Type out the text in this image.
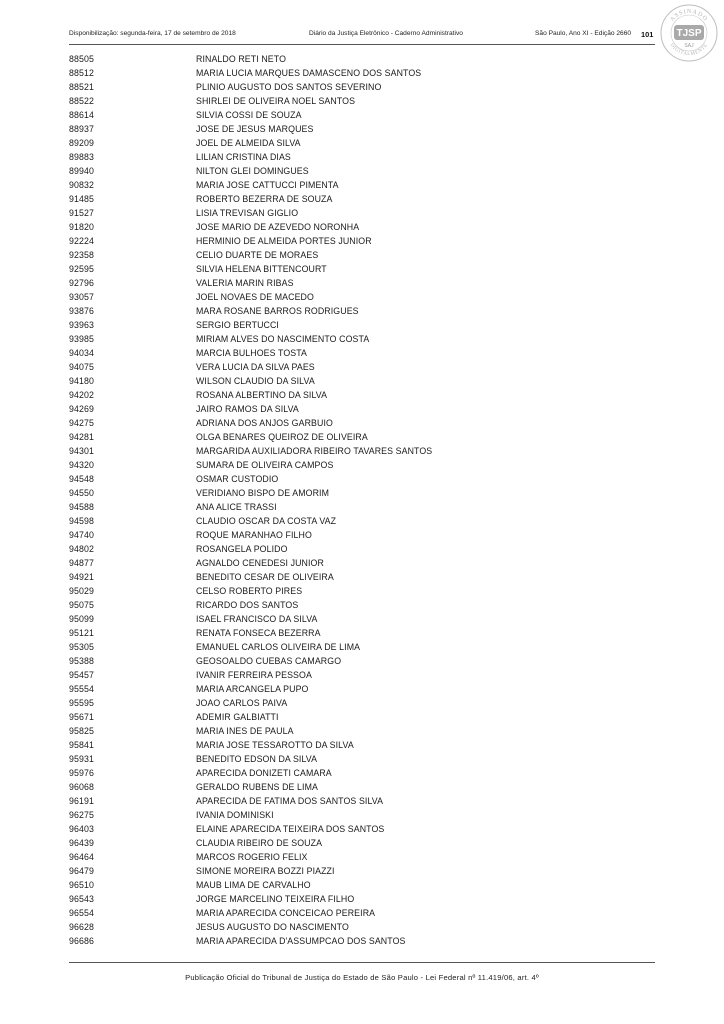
Disponibilização: segunda-feira, 17 de setembro de 2018	Diário da Justiça Eletrônico - Caderno Administrativo	São Paulo, Ano XI - Edição 2660 101
ASSINADO
DIGITALMENTE
TJSP
SAJ
88505	RINALDO RETI NETO
88512	MARIA LUCIA MARQUES DAMASCENO DOS SANTOS
88521	PLINIO AUGUSTO DOS SANTOS SEVERINO
88522	SHIRLEI DE OLIVEIRA NOEL SANTOS
88614	SILVIA COSSI DE SOUZA
88937	JOSE DE JESUS MARQUES
89209	JOEL DE ALMEIDA SILVA
89883	LILIAN CRISTINA DIAS
89940	NILTON GLEI DOMINGUES
90832	MARIA JOSE CATTUCCI PIMENTA
91485	ROBERTO BEZERRA DE SOUZA
91527	LISIA TREVISAN GIGLIO
91820	JOSE MARIO DE AZEVEDO NORONHA
92224	HERMINIO DE ALMEIDA PORTES JUNIOR
92358	CELIO DUARTE DE MORAES
92595	SILVIA HELENA BITTENCOURT
92796	VALERIA MARIN RIBAS
93057	JOEL NOVAES DE MACEDO
93876	MARA ROSANE BARROS RODRIGUES
93963	SERGIO BERTUCCI
93985	MIRIAM ALVES DO NASCIMENTO COSTA
94034	MARCIA BULHOES TOSTA
94075	VERA LUCIA DA SILVA PAES
94180	WILSON CLAUDIO DA SILVA
94202	ROSANA ALBERTINO DA SILVA
94269	JAIRO RAMOS DA SILVA
94275	ADRIANA DOS ANJOS GARBUIO
94281	OLGA BENARES QUEIROZ DE OLIVEIRA
94301	MARGARIDA AUXILIADORA RIBEIRO TAVARES SANTOS
94320	SUMARA DE OLIVEIRA CAMPOS
94548	OSMAR CUSTODIO
94550	VERIDIANO BISPO DE AMORIM
94588	ANA ALICE TRASSI
94598	CLAUDIO OSCAR DA COSTA VAZ
94740	ROQUE MARANHAO FILHO
94802	ROSANGELA POLIDO
94877	AGNALDO CENEDESI JUNIOR
94921	BENEDITO CESAR DE OLIVEIRA
95029	CELSO ROBERTO PIRES
95075	RICARDO DOS SANTOS
95099	ISAEL FRANCISCO DA SILVA
95121	RENATA FONSECA BEZERRA
95305	EMANUEL CARLOS OLIVEIRA DE LIMA
95388	GEOSOALDO CUEBAS CAMARGO
95457	IVANIR FERREIRA PESSOA
95554	MARIA ARCANGELA PUPO
95595	JOAO CARLOS PAIVA
95671	ADEMIR GALBIATTI
95825	MARIA INES DE PAULA
95841	MARIA JOSE TESSAROTTO DA SILVA
95931	BENEDITO EDSON DA SILVA
95976	APARECIDA DONIZETI CAMARA
96068	GERALDO RUBENS DE LIMA
96191	APARECIDA DE FATIMA DOS SANTOS SILVA
96275	IVANIA DOMINISKI
96403	ELAINE APARECIDA TEIXEIRA DOS SANTOS
96439	CLAUDIA RIBEIRO DE SOUZA
96464	MARCOS ROGERIO FELIX
96479	SIMONE MOREIRA BOZZI PIAZZI
96510	MAUB LIMA DE CARVALHO
96543	JORGE MARCELINO TEIXEIRA FILHO
96554	MARIA APARECIDA CONCEICAO PEREIRA
96628	JESUS AUGUSTO DO NASCIMENTO
96686	MARIA APARECIDA D'ASSUMPCAO DOS SANTOS
Publicação Oficial do Tribunal de Justiça do Estado de São Paulo - Lei Federal nº 11.419/06, art. 4º
